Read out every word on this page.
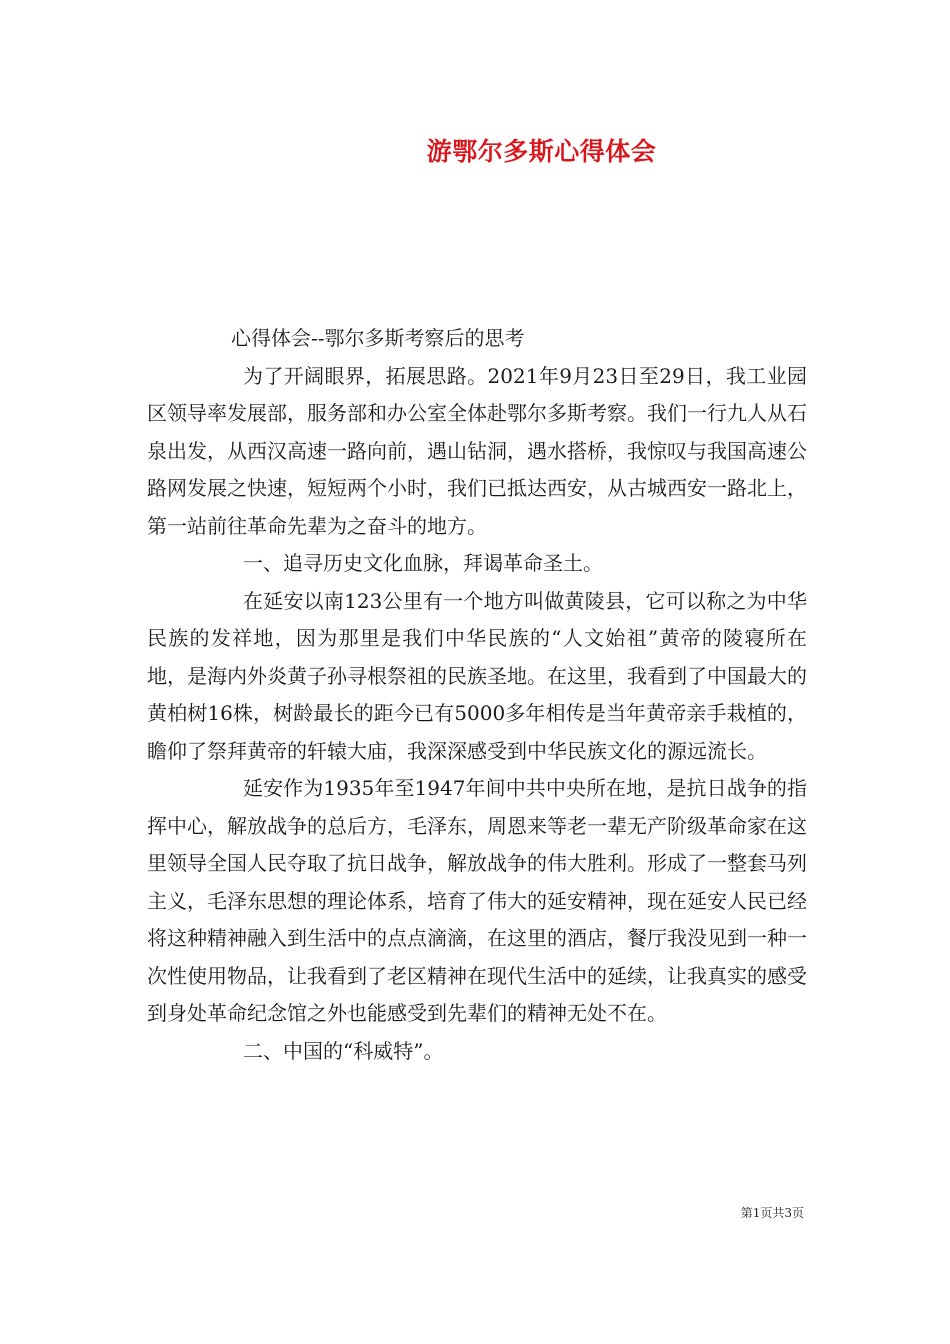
游鄂尔多斯心得体会

心得体会--鄂尔多斯考察后的思考

为了开阔眼界，拓展思路。2021年9月23日至29日，我工业园区领导率发展部，服务部和办公室全体赴鄂尔多斯考察。我们一行九人从石泉出发，从西汉高速一路向前，遇山钻洞，遇水搭桥，我惊叹与我国高速公路网发展之快速，短短两个小时，我们已抵达西安，从古城西安一路北上，第一站前往革命先辈为之奋斗的地方。

一、追寻历史文化血脉，拜谒革命圣土。

在延安以南123公里有一个地方叫做黄陵县，它可以称之为中华民族的发祥地，因为那里是我们中华民族的“人文始祖”黄帝的陵寝所在地，是海内外炎黄子孙寻根祭祖的民族圣地。在这里，我看到了中国最大的黄柏树16株，树龄最长的距今已有5000多年相传是当年黄帝亲手栽植的，瞻仰了祭拜黄帝的轩辕大庙，我深深感受到中华民族文化的源远流长。

延安作为1935年至1947年间中共中央所在地，是抗日战争的指挥中心，解放战争的总后方，毛泽东，周恩来等老一辈无产阶级革命家在这里领导全国人民夺取了抗日战争，解放战争的伟大胜利。形成了一整套马列主义，毛泽东思想的理论体系，培育了伟大的延安精神，现在延安人民已经将这种精神融入到生活中的点点滴滴，在这里的酒店，餐厅我没见到一种一次性使用物品，让我看到了老区精神在现代生活中的延续，让我真实的感受到身处革命纪念馆之外也能感受到先辈们的精神无处不在。

二、中国的“科威特”。

第1页共3页
